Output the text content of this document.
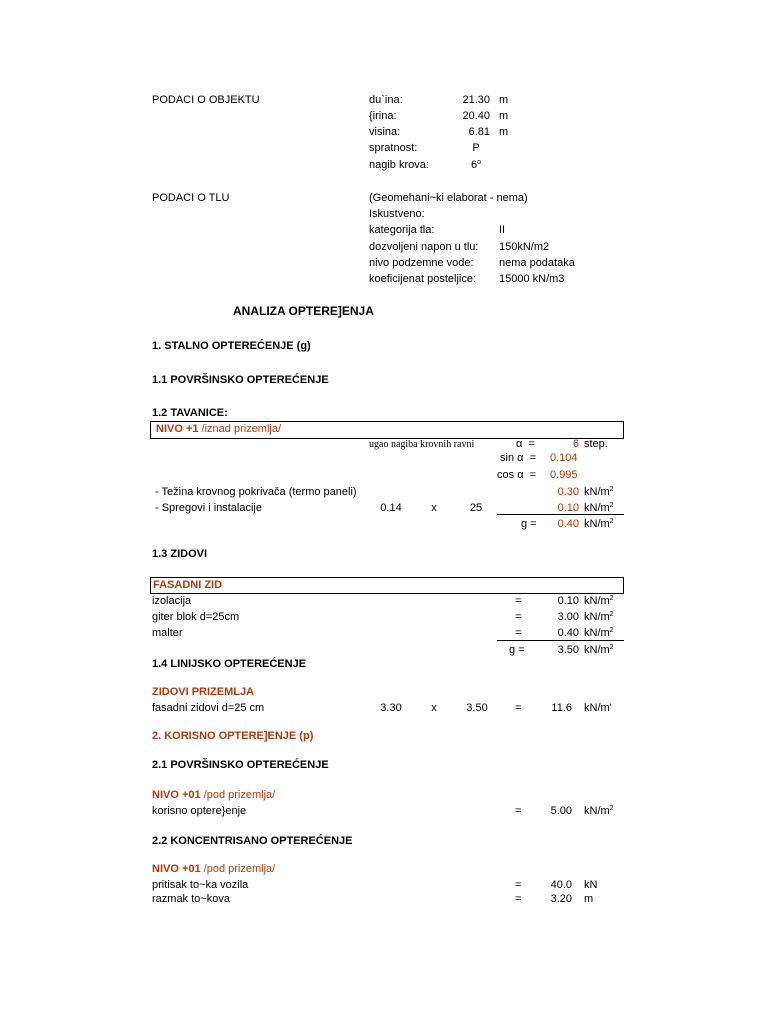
PODACI O OBJEKTU	du`ina:	21.30 m
{irina:	20.40 m
visina:	6.81 m
spratnost:	P
nagib krova:	6$^o$
PODACI O TLU	(Geomehani~ki elaborat - nema)
Iskustveno:
kategorija tla:	II
dozvoljeni napon u tlu: 150kN/m2
nivo podzemne vode: nema podataka
koeficijenat posteljice: 15000 kN/m3
ANALIZA OPTERE]ENJA
1. STALNO OPTEREĆENJE (g)
1.1 POVRŠINSKO OPTEREĆENJE
1.2 TAVANICE:
NIVO +1 /iznad prizemlja/
ugao nagiba krovnih ravni	α =	6 step.
sin α = 0.104
cos α = 0.995
- Težina krovnog pokrivača (termo paneli)	0.30 $kN/m^2$
- Spregovi i instalacije	0.14	x	25	0.10 $kN/m^2$
g =	0.40 $kN/m^2$
1.3 ZIDOVI
FASADNI ZID
izolacija	=	0.10 $kN/m^2$
giter blok d=25cm	=	3.00 $kN/m^2$
malter	=	0.40 $kN/m^2$
g =	3.50 $kN/m^2$
1.4 LINIJSKO OPTEREĆENJE
ZIDOVI PRIZEMLJA
fasadni zidovi d=25 cm	3.30	x	3.50	=	11.6 kN/m'
2. KORISNO OPTERE]ENJE (p)
2.1 POVRŠINSKO OPTEREĆENJE
NIVO +01 /pod prizemlja/
korisno optere}enje	=	5.00 $kN/m^2$
2.2 KONCENTRISANO OPTEREĆENJE
NIVO +01 /pod prizemlja/
pritisak to~ka vozila	=	40.0 kN
razmak to~kova	=	3.20 m
